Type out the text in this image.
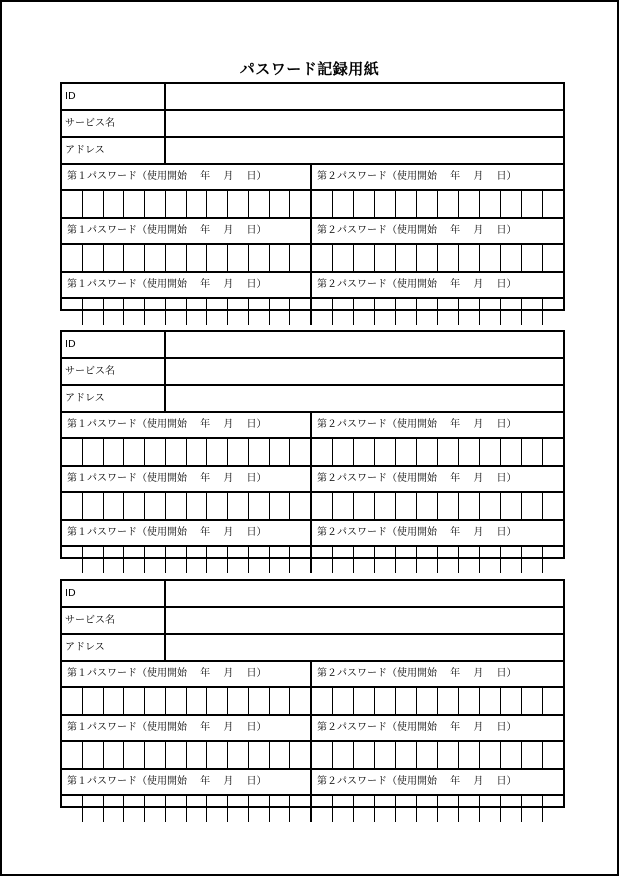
パスワード記録用紙
ID
サービス名
アドレス
第１パスワード（使用開始　 年　 月　 日）	第２パスワード（使用開始　 年　 月　 日）
第１パスワード（使用開始　 年　 月　 日）	第２パスワード（使用開始　 年　 月　 日）
第１パスワード（使用開始　 年　 月　 日）	第２パスワード（使用開始　 年　 月　 日）
ID
サービス名
アドレス
第１パスワード（使用開始　 年　 月　 日）	第２パスワード（使用開始　 年　 月　 日）
第１パスワード（使用開始　 年　 月　 日）	第２パスワード（使用開始　 年　 月　 日）
第１パスワード（使用開始　 年　 月　 日）	第２パスワード（使用開始　 年　 月　 日）
ID
サービス名
アドレス
第１パスワード（使用開始　 年　 月　 日）	第２パスワード（使用開始　 年　 月　 日）
第１パスワード（使用開始　 年　 月　 日）	第２パスワード（使用開始　 年　 月　 日）
第１パスワード（使用開始　 年　 月　 日）	第２パスワード（使用開始　 年　 月　 日）
